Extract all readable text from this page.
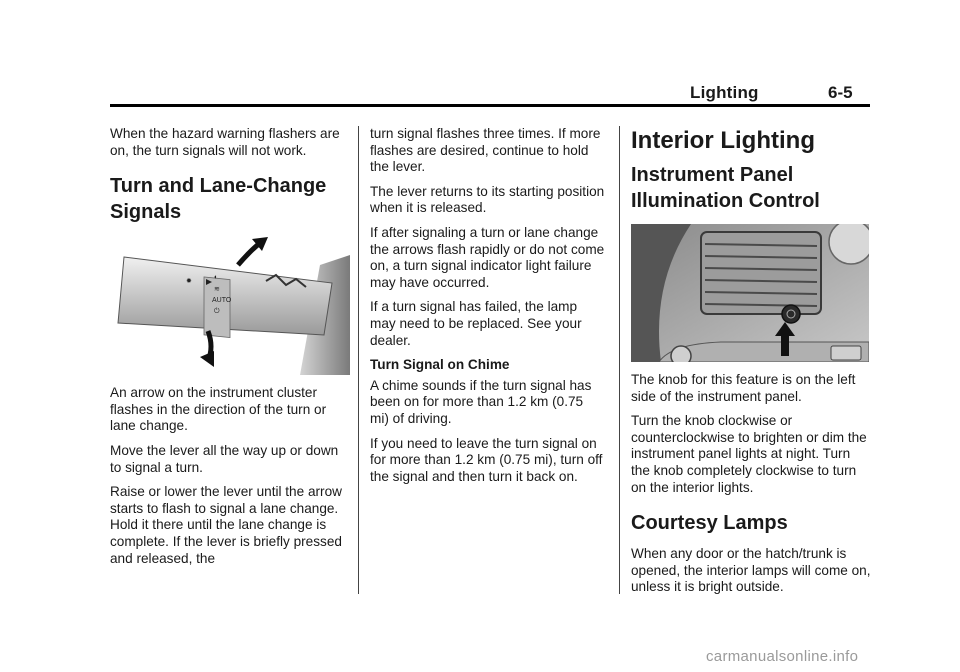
Lighting	6-5

When the hazard warning flashers are on, the turn signals will not work.

Turn and Lane-Change Signals
✹
◐
≋
AUTO
⏻

An arrow on the instrument cluster flashes in the direction of the turn or lane change.

Move the lever all the way up or down to signal a turn.

Raise or lower the lever until the arrow starts to flash to signal a lane change. Hold it there until the lane change is complete. If the lever is briefly pressed and released, the

turn signal flashes three times. If more flashes are desired, continue to hold the lever.

The lever returns to its starting position when it is released.

If after signaling a turn or lane change the arrows flash rapidly or do not come on, a turn signal indicator light failure may have occurred.

If a turn signal has failed, the lamp may need to be replaced. See your dealer.

Turn Signal on Chime

A chime sounds if the turn signal has been on for more than 1.2 km (0.75 mi) of driving.

If you need to leave the turn signal on for more than 1.2 km (0.75 mi), turn off the signal and then turn it back on.

Interior Lighting
Instrument Panel Illumination Control

The knob for this feature is on the left side of the instrument panel.

Turn the knob clockwise or counterclockwise to brighten or dim the instrument panel lights at night. Turn the knob completely clockwise to turn on the interior lights.

Courtesy Lamps

When any door or the hatch/trunk is opened, the interior lamps will come on, unless it is bright outside.

carmanualsonline.info
